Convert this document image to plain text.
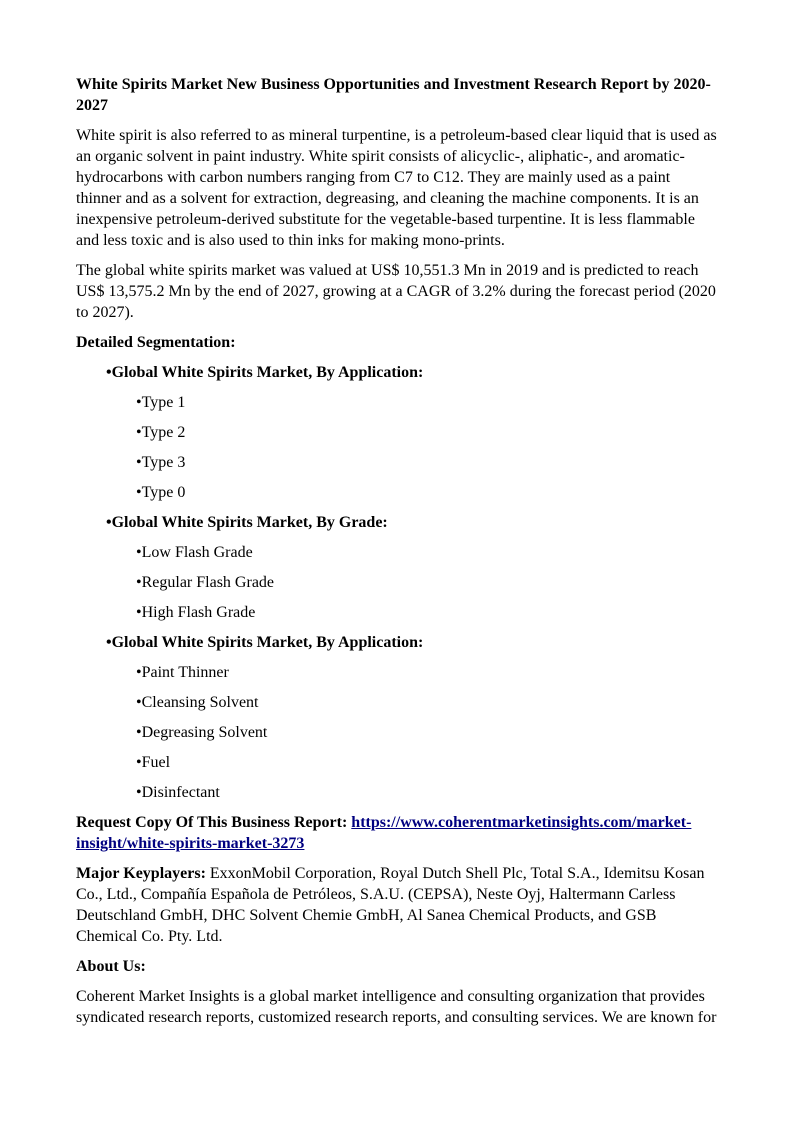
White Spirits Market New Business Opportunities and Investment Research Report by 2020-2027

White spirit is also referred to as mineral turpentine, is a petroleum-based clear liquid that is used as an organic solvent in paint industry. White spirit consists of alicyclic-, aliphatic-, and aromatic-hydrocarbons with carbon numbers ranging from C7 to C12. They are mainly used as a paint thinner and as a solvent for extraction, degreasing, and cleaning the machine components. It is an inexpensive petroleum-derived substitute for the vegetable-based turpentine. It is less flammable and less toxic and is also used to thin inks for making mono-prints.

The global white spirits market was valued at US$ 10,551.3 Mn in 2019 and is predicted to reach US$ 13,575.2 Mn by the end of 2027, growing at a CAGR of 3.2% during the forecast period (2020 to 2027).

Detailed Segmentation:

•Global White Spirits Market, By Application:

•Type 1

•Type 2

•Type 3

•Type 0

•Global White Spirits Market, By Grade:

•Low Flash Grade

•Regular Flash Grade

•High Flash Grade

•Global White Spirits Market, By Application:

•Paint Thinner

•Cleansing Solvent

•Degreasing Solvent

•Fuel

•Disinfectant

Request Copy Of This Business Report: https://www.coherentmarketinsights.com/market-insight/white-spirits-market-3273

Major Keyplayers: ExxonMobil Corporation, Royal Dutch Shell Plc, Total S.A., Idemitsu Kosan Co., Ltd., Compañía Española de Petróleos, S.A.U. (CEPSA), Neste Oyj, Haltermann Carless Deutschland GmbH, DHC Solvent Chemie GmbH, Al Sanea Chemical Products, and GSB Chemical Co. Pty. Ltd.

About Us:

Coherent Market Insights is a global market intelligence and consulting organization that provides syndicated research reports, customized research reports, and consulting services. We are known for
